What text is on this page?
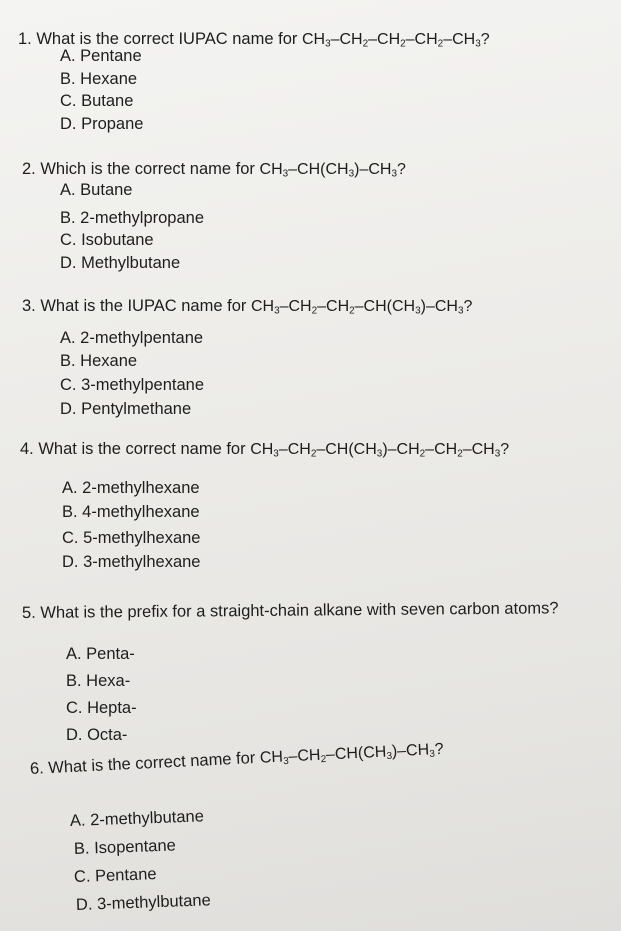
1. What is the correct IUPAC name for $CH_3-CH_2-CH_2-CH_2-CH_3$?
A. Pentane
B. Hexane
C. Butane
D. Propane
2. Which is the correct name for $CH_3-CH(CH_3)-CH_3$?
A. Butane
B. 2-methylpropane
C. Isobutane
D. Methylbutane
3. What is the IUPAC name for $CH_3-CH_2-CH_2-CH(CH_3)-CH_3$?
A. 2-methylpentane
B. Hexane
C. 3-methylpentane
D. Pentylmethane
4. What is the correct name for $CH_3-CH_2-CH(CH_3)-CH_2-CH_2-CH_3$?
A. 2-methylhexane
B. 4-methylhexane
C. 5-methylhexane
D. 3-methylhexane
5. What is the prefix for a straight-chain alkane with seven carbon atoms?
A. Penta-
B. Hexa-
C. Hepta-
D. Octa-
6. What is the correct name for $CH_3-CH_2-CH(CH_3)-CH_3$?
A. 2-methylbutane
B. Isopentane
C. Pentane
D. 3-methylbutane
